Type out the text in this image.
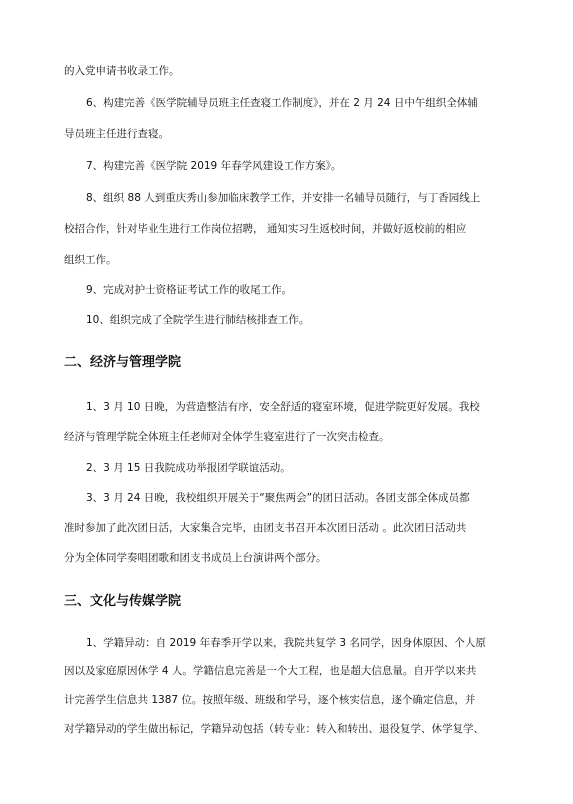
的入党申请书收录工作。
6、构建完善《医学院辅导员班主任查寝工作制度》，并在 2 月 24 日中午组织全体辅
导员班主任进行查寝。
7、构建完善《医学院 2019 年春学风建设工作方案》。
8、组织 88 人到重庆秀山参加临床教学工作，并安排一名辅导员随行，与丁香园线上
校招合作，针对毕业生进行工作岗位招聘， 通知实习生返校时间，并做好返校前的相应
组织工作。
9、完成对护士资格证考试工作的收尾工作。
10、组织完成了全院学生进行肺结核排查工作。
二、经济与管理学院
1、3 月 10 日晚，为营造整洁有序，安全舒适的寝室环境，促进学院更好发展。我校
经济与管理学院全体班主任老师对全体学生寝室进行了一次突击检查。
2、3 月 15 日我院成功举报团学联谊活动。
3、3 月 24 日晚，我校组织开展关于“聚焦两会”的团日活动。各团支部全体成员都
准时参加了此次团日活，大家集合完毕，由团支书召开本次团日活动 。此次团日活动共
分为全体同学奏唱团歌和团支书成员上台演讲两个部分。
三、文化与传媒学院
1、学籍异动：自 2019 年春季开学以来，我院共复学 3 名同学，因身体原因、个人原
因以及家庭原因休学 4 人。学籍信息完善是一个大工程，也是超大信息量。自开学以来共
计完善学生信息共 1387 位。按照年级、班级和学号，逐个核实信息，逐个确定信息，并
对学籍异动的学生做出标记，学籍异动包括（转专业：转入和转出、退役复学、休学复学、
